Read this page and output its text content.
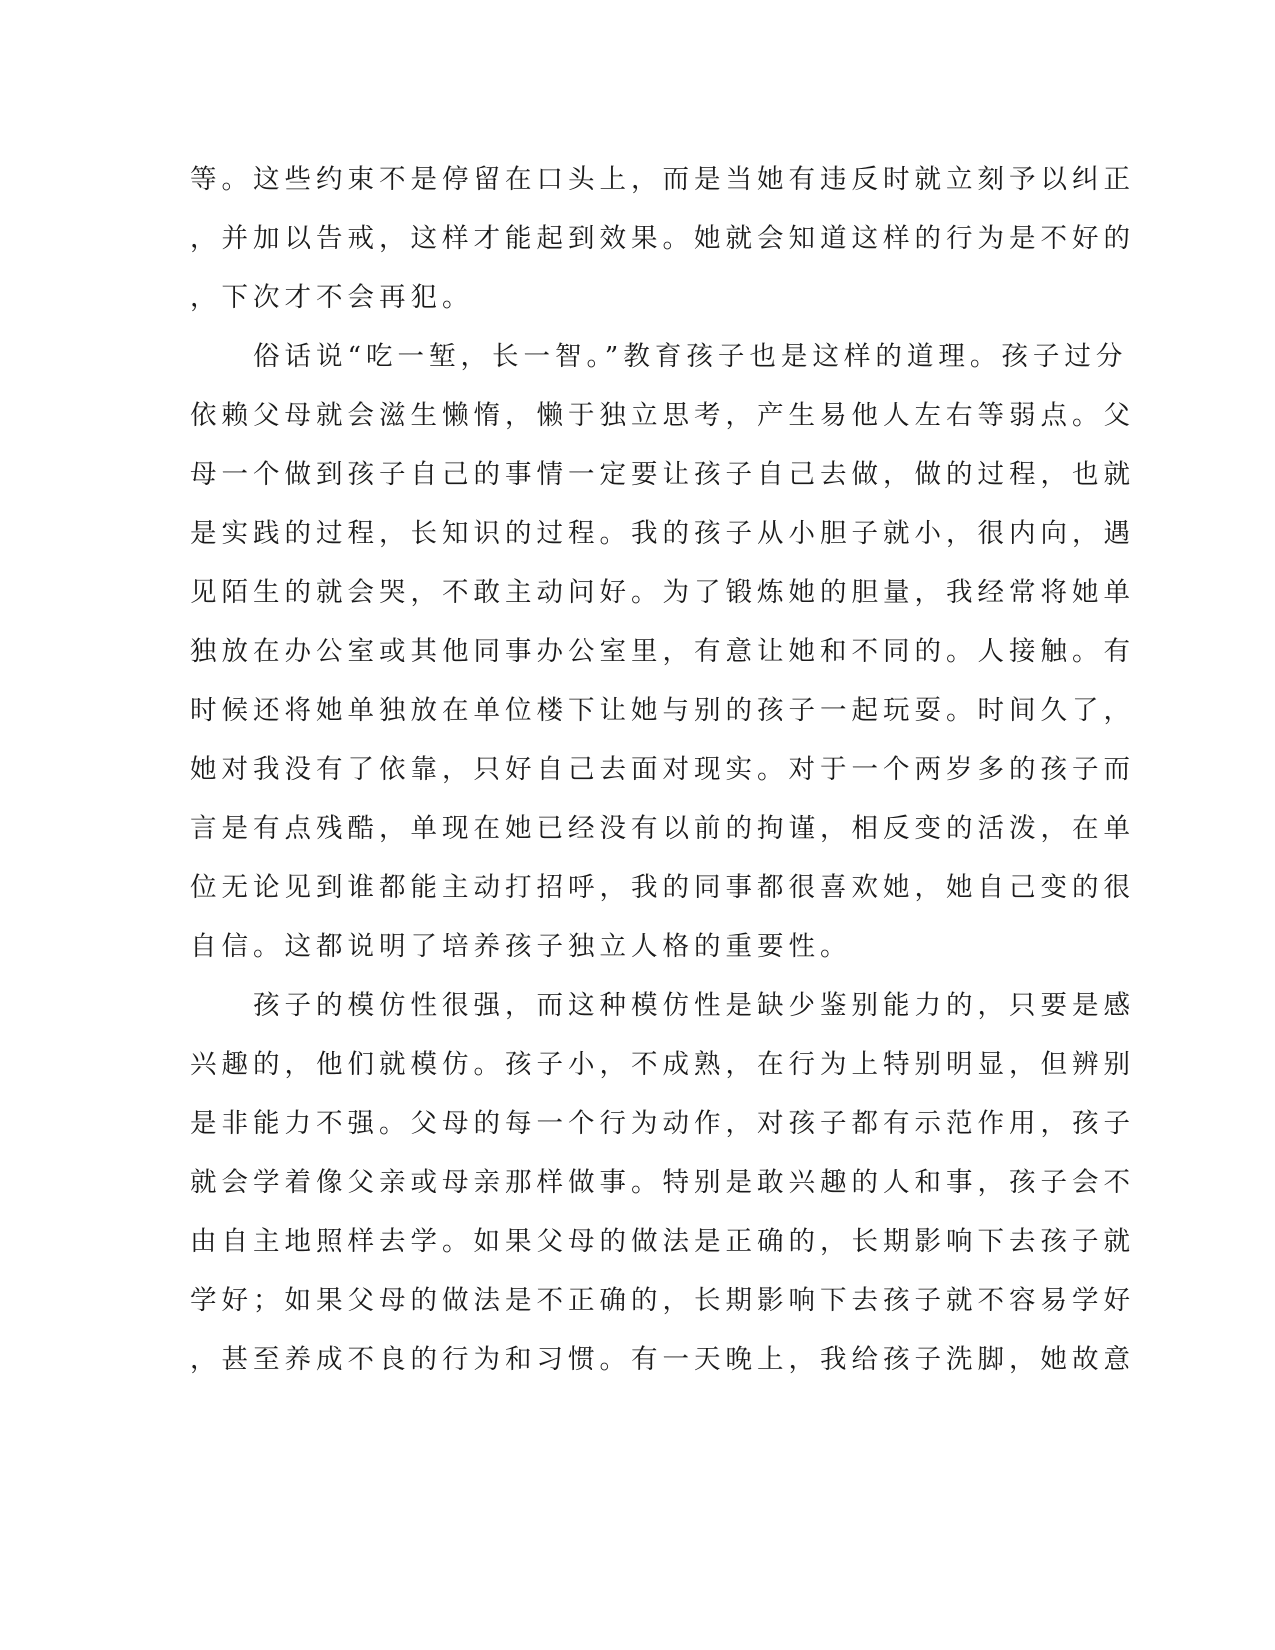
等。这些约束不是停留在口头上，而是当她有违反时就立刻予以纠正
，并加以告戒，这样才能起到效果。她就会知道这样的行为是不好的
，下次才不会再犯。
　　俗话说“吃一堑，长一智。”教育孩子也是这样的道理。孩子过分
依赖父母就会滋生懒惰，懒于独立思考，产生易他人左右等弱点。父
母一个做到孩子自己的事情一定要让孩子自己去做，做的过程，也就
是实践的过程，长知识的过程。我的孩子从小胆子就小，很内向，遇
见陌生的就会哭，不敢主动问好。为了锻炼她的胆量，我经常将她单
独放在办公室或其他同事办公室里，有意让她和不同的。人接触。有
时候还将她单独放在单位楼下让她与别的孩子一起玩耍。时间久了，
她对我没有了依靠，只好自己去面对现实。对于一个两岁多的孩子而
言是有点残酷，单现在她已经没有以前的拘谨，相反变的活泼，在单
位无论见到谁都能主动打招呼，我的同事都很喜欢她，她自己变的很
自信。这都说明了培养孩子独立人格的重要性。
　　孩子的模仿性很强，而这种模仿性是缺少鉴别能力的，只要是感
兴趣的，他们就模仿。孩子小，不成熟，在行为上特别明显，但辨别
是非能力不强。父母的每一个行为动作，对孩子都有示范作用，孩子
就会学着像父亲或母亲那样做事。特别是敢兴趣的人和事，孩子会不
由自主地照样去学。如果父母的做法是正确的，长期影响下去孩子就
学好；如果父母的做法是不正确的，长期影响下去孩子就不容易学好
，甚至养成不良的行为和习惯。有一天晚上，我给孩子洗脚，她故意
